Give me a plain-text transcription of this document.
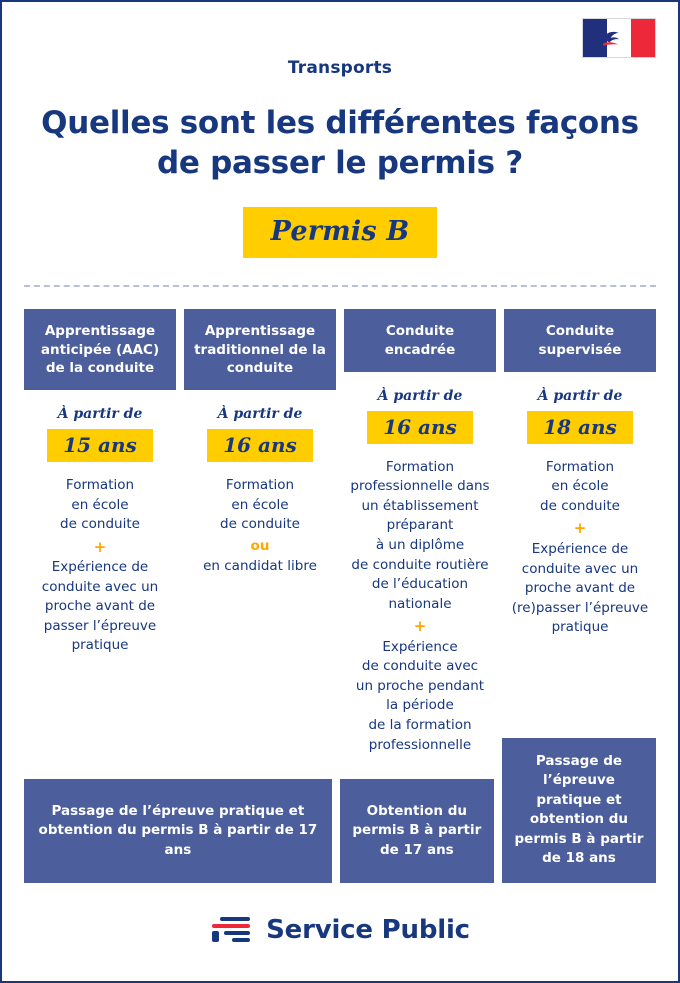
Transports
Quelles sont les différentes façons de passer le permis ?
Permis B
Apprentissage anticipée (AAC) de la conduite
À partir de
15 ans
Formation
en école
de conduite
+
Expérience de
conduite avec un
proche avant de
passer l’épreuve
pratique
Apprentissage traditionnel de la conduite
À partir de
16 ans
Formation
en école
de conduite
ou
en candidat libre
Conduite encadrée
À partir de
16 ans
Formation
professionnelle dans
un établissement
préparant
à un diplôme
de conduite routière
de l’éducation
nationale
+
Expérience
de conduite avec
un proche pendant
la période
de la formation
professionnelle
Conduite supervisée
À partir de
18 ans
Formation
en école
de conduite
+
Expérience de
conduite avec un
proche avant de
(re)passer l’épreuve
pratique
Passage de l’épreuve pratique et obtention du permis B à partir de 17 ans
Obtention du permis B à partir de 17 ans
Passage de l’épreuve pratique et obtention du permis B à partir de 18 ans
Service Public
